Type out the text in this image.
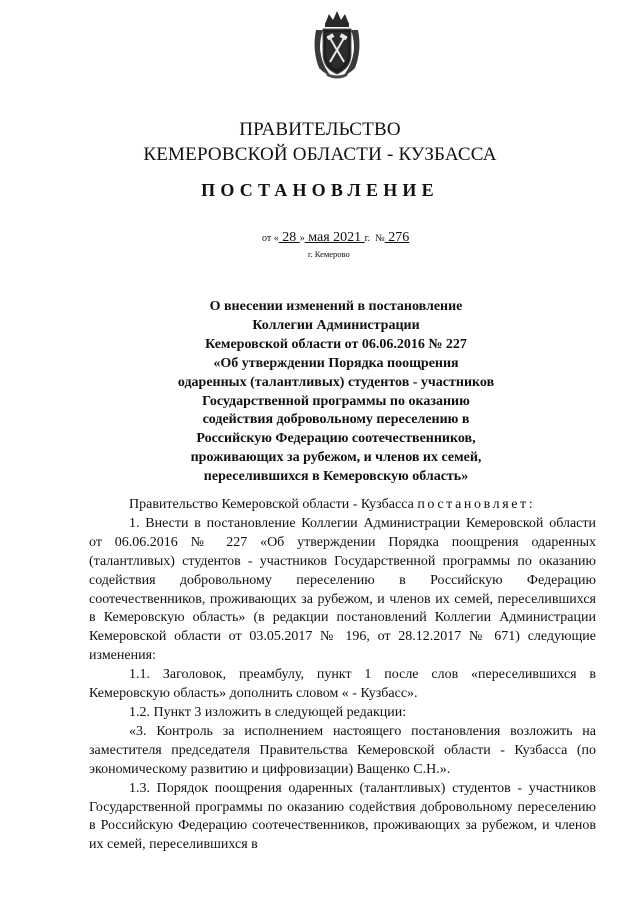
ПРАВИТЕЛЬСТВО
КЕМЕРОВСКОЙ ОБЛАСТИ - КУЗБАССА
ПОСТАНОВЛЕНИЕ
от « 28 » мая 2021 г. № 276
г. Кемерово
О внесении изменений в постановление
Коллегии Администрации
Кемеровской области от 06.06.2016 № 227
«Об утверждении Порядка поощрения
одаренных (талантливых) студентов - участников
Государственной программы по оказанию
содействия добровольному переселению в
Российскую Федерацию соотечественников,
проживающих за рубежом, и членов их семей,
переселившихся в Кемеровскую область»

Правительство Кемеровской области - Кузбасса постановляет:

1. Внести в постановление Коллегии Администрации Кемеровской области от 06.06.2016 № 227 «Об утверждении Порядка поощрения одаренных (талантливых) студентов - участников Государственной программы по оказанию содействия добровольному переселению в Российскую Федерацию соотечественников, проживающих за рубежом, и членов их семей, переселившихся в Кемеровскую область» (в редакции постановлений Коллегии Администрации Кемеровской области от 03.05.2017 № 196, от 28.12.2017 № 671) следующие изменения:

1.1. Заголовок, преамбулу, пункт 1 после слов «переселившихся в Кемеровскую область» дополнить словом « - Кузбасс».

1.2. Пункт 3 изложить в следующей редакции:

«3. Контроль за исполнением настоящего постановления возложить на заместителя председателя Правительства Кемеровской области - Кузбасса (по экономическому развитию и цифровизации) Ващенко С.Н.».

1.3. Порядок поощрения одаренных (талантливых) студентов - участников Государственной программы по оказанию содействия добровольному переселению в Российскую Федерацию соотечественников, проживающих за рубежом, и членов их семей, переселившихся в
